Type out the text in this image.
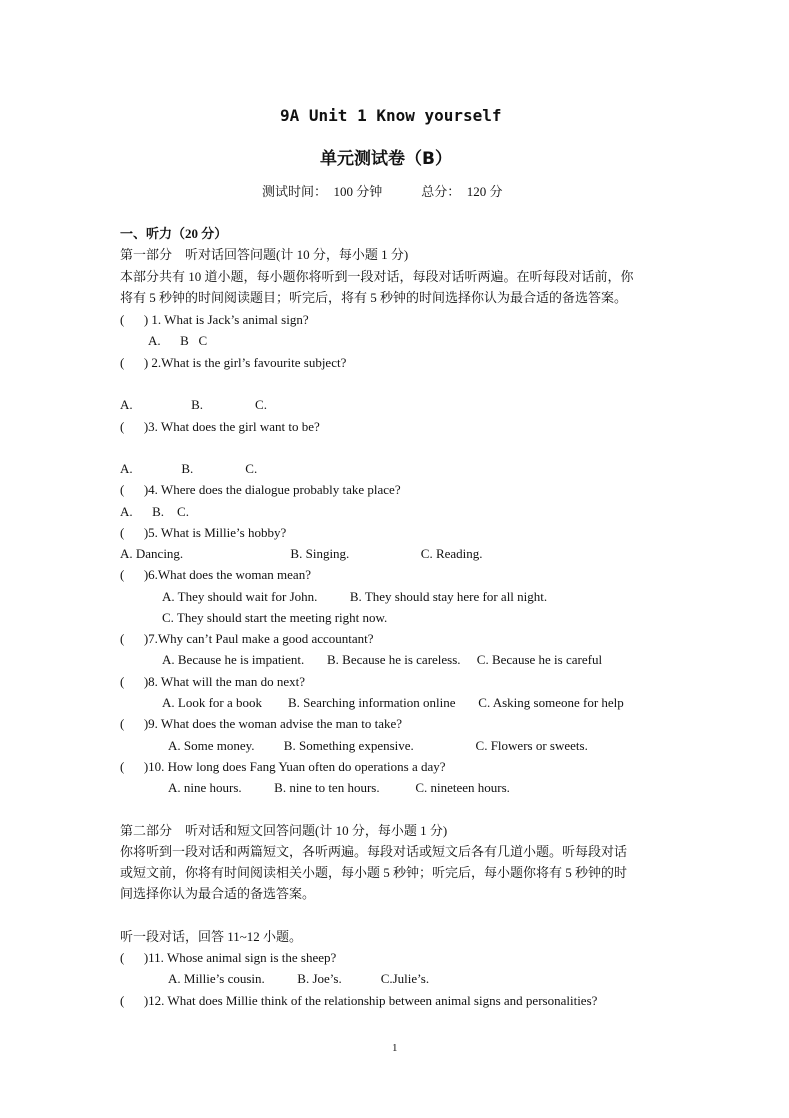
9A Unit 1 Know yourself
单元测试卷（B）
测试时间：  100 分钟            总分：  120 分
一、听力（20 分）
第一部分    听对话回答问题(计 10 分，每小题 1 分)
本部分共有 10 道小题，每小题你将听到一段对话，每段对话听两遍。在听每段对话前，你
将有 5 秒钟的时间阅读题目；听完后，将有 5 秒钟的时间选择你认为最合适的备选答案。
(      ) 1. What is Jack’s animal sign?
A.      B   C
(      ) 2.What is the girl’s favourite subject?
A.                  B.                C.
(      )3. What does the girl want to be?
A.               B.                C.
(      )4. Where does the dialogue probably take place?
A.      B.    C.
(      )5. What is Millie’s hobby?
A. Dancing.                                 B. Singing.                      C. Reading.
(      )6.What does the woman mean?
A. They should wait for John.          B. They should stay here for all night.
C. They should start the meeting right now.
(      )7.Why can’t Paul make a good accountant?
A. Because he is impatient.       B. Because he is careless.     C. Because he is careful
(      )8. What will the man do next?
A. Look for a book        B. Searching information online       C. Asking someone for help
(      )9. What does the woman advise the man to take?
A. Some money.         B. Something expensive.                   C. Flowers or sweets.
(      )10. How long does Fang Yuan often do operations a day?
A. nine hours.          B. nine to ten hours.           C. nineteen hours.
第二部分    听对话和短文回答问题(计 10 分，每小题 1 分)
你将听到一段对话和两篇短文，各听两遍。每段对话或短文后各有几道小题。听每段对话
或短文前，你将有时间阅读相关小题，每小题 5 秒钟；听完后，每小题你将有 5 秒钟的时
间选择你认为最合适的备选答案。
听一段对话，回答 11~12 小题。
(      )11. Whose animal sign is the sheep?
A. Millie’s cousin.          B. Joe’s.            C.Julie’s.
(      )12. What does Millie think of the relationship between animal signs and personalities?
1
